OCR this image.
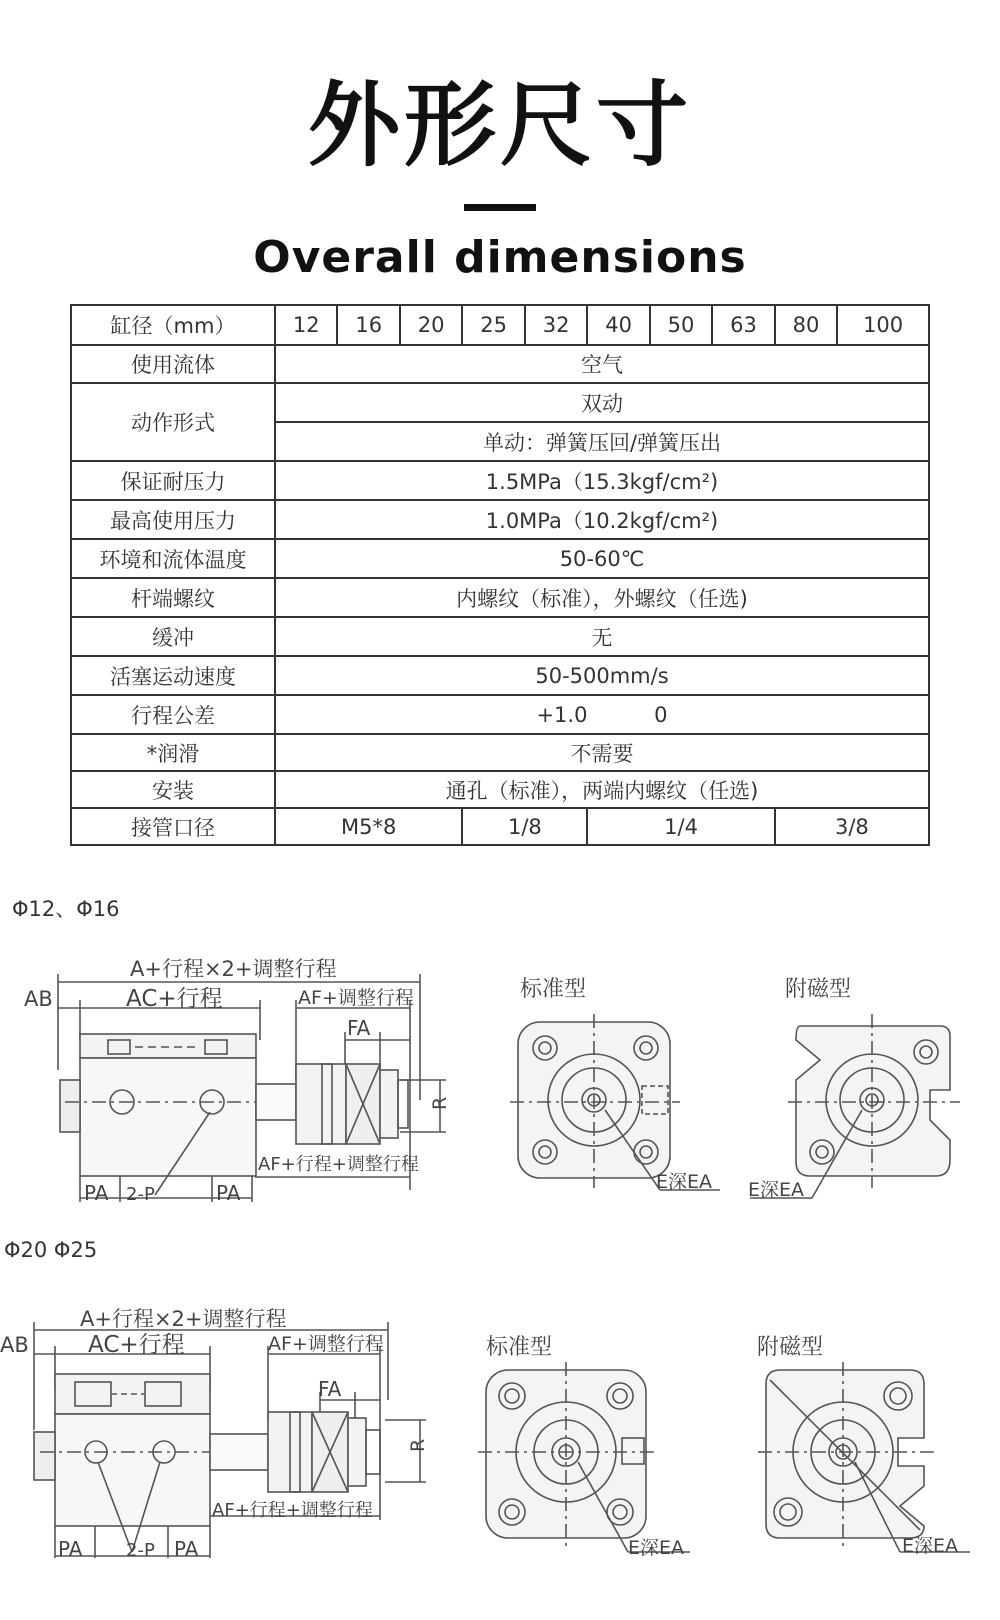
外形尺寸
Overall dimensions
缸径（mm）	12	16	20	25	32	40	50	63	80	100
使用流体	空气									
动作形式	双动									
	单动：弹簧压回/弹簧压出									
保证耐压力	1.5MPa（15.3kgf/cm²)									
最高使用压力	1.0MPa（10.2kgf/cm²)									
环境和流体温度	50-60℃									
杆端螺纹	内螺纹（标准），外螺纹（任选)									
缓冲	无									
活塞运动速度	50-500mm/s									
行程公差	+1.0          0									
*润滑	不需要									
安装	通孔（标准），两端内螺纹（任选)									
接管口径	M5*8			1/8		1/4			3/8	
Φ12、Φ16
A+行程×2+调整行程
AB	AC+行程	AF+调整行程
FA
R
AF+行程+调整行程
PA 2-P	PA
标准型
E深EA
附磁型
E深EA
Φ20 Φ25
A+行程×2+调整行程
AB	AC+行程	AF+调整行程
FA
R
AF+行程+调整行程
PA 2-P PA
标准型
E深EA
附磁型
E深EA
